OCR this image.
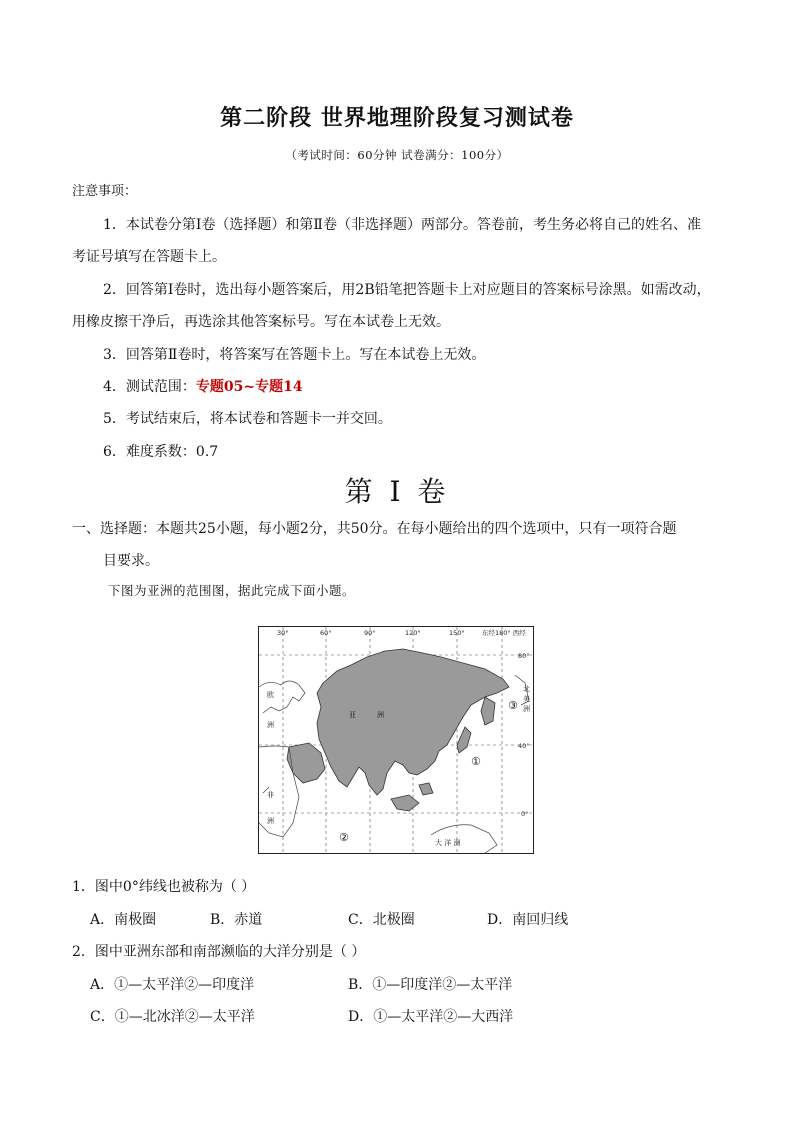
第二阶段 世界地理阶段复习测试卷
（考试时间：60分钟 试卷满分：100分）
注意事项：
1．本试卷分第Ⅰ卷（选择题）和第Ⅱ卷（非选择题）两部分。答卷前，考生务必将自己的姓名、准
考证号填写在答题卡上。
2．回答第Ⅰ卷时，选出每小题答案后，用2B铅笔把答题卡上对应题目的答案标号涂黑。如需改动，
用橡皮擦干净后，再选涂其他答案标号。写在本试卷上无效。
3．回答第Ⅱ卷时，将答案写在答题卡上。写在本试卷上无效。
4．测试范围：专题05~专题14
5．考试结束后，将本试卷和答题卡一并交回。
6．难度系数：0.7
第 I 卷
一、选择题：本题共25小题，每小题2分，共50分。在每小题给出的四个选项中，只有一项符合题
目要求。
下图为亚洲的范围图，据此完成下面小题。
30°	60°	90°	120°	150°	东经180° 西经
80°
40°
0°
欧
洲
亚	洲
非
洲
大 洋 洲
北
美
洲
①
②
③
1．图中0°纬线也被称为（ ）
A．南极圈	B．赤道	C．北极圈	D．南回归线
2．图中亚洲东部和南部濒临的大洋分别是（ ）
A．①—太平洋②—印度洋	B．①—印度洋②—太平洋
C．①—北冰洋②—太平洋	D．①—太平洋②—大西洋
